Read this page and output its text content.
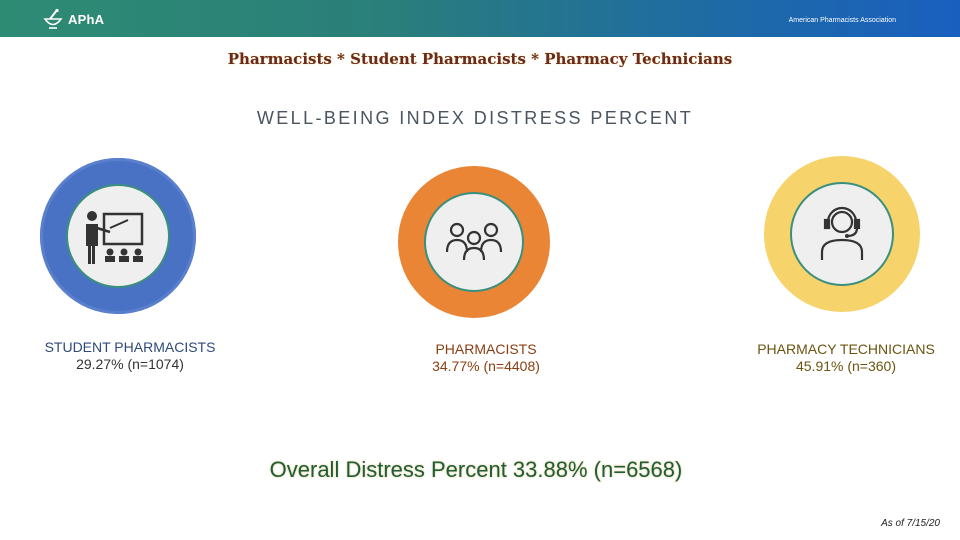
APhA	American Pharmacists Association
Pharmacists * Student Pharmacists * Pharmacy Technicians
WELL-BEING INDEX DISTRESS PERCENT
STUDENT PHARMACISTS
29.27% (n=1074)
PHARMACISTS
34.77% (n=4408)
PHARMACY TECHNICIANS
45.91% (n=360)
Overall Distress Percent 33.88% (n=6568)
As of 7/15/20
